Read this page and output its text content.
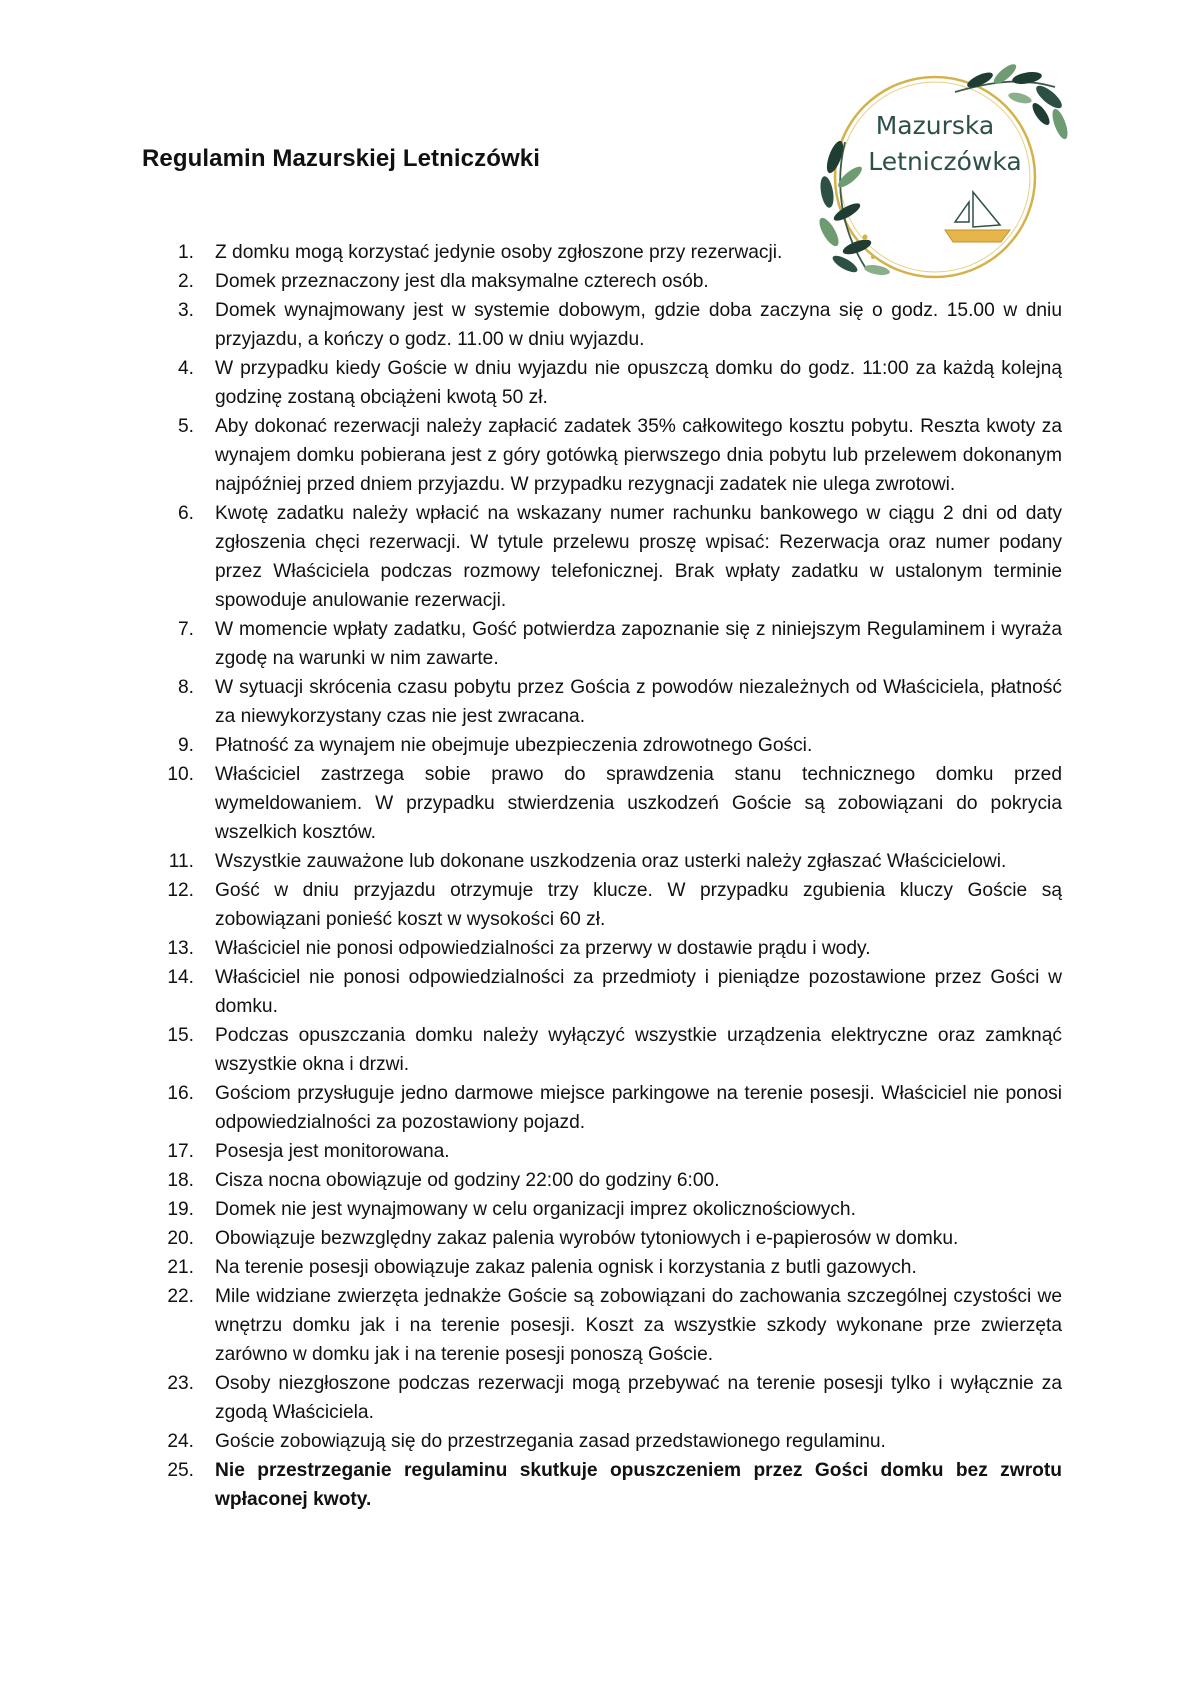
Regulamin Mazurskiej Letniczówki
Mazurska
Letniczówka
1. Z domku mogą korzystać jedynie osoby zgłoszone przy rezerwacji.
2. Domek przeznaczony jest dla maksymalne czterech osób.
3. Domek wynajmowany jest w systemie dobowym, gdzie doba zaczyna się o godz. 15.00 w dniu przyjazdu, a kończy o godz. 11.00 w dniu wyjazdu.
4. W przypadku kiedy Goście w dniu wyjazdu nie opuszczą domku do godz. 11:00 za każdą kolejną godzinę zostaną obciążeni kwotą 50 zł.
5. Aby dokonać rezerwacji należy zapłacić zadatek 35% całkowitego kosztu pobytu. Reszta kwoty za wynajem domku pobierana jest z góry gotówką pierwszego dnia pobytu lub przelewem dokonanym najpóźniej przed dniem przyjazdu. W przypadku rezygnacji zadatek nie ulega zwrotowi.
6. Kwotę zadatku należy wpłacić na wskazany numer rachunku bankowego w ciągu 2 dni od daty zgłoszenia chęci rezerwacji. W tytule przelewu proszę wpisać: Rezerwacja oraz numer podany przez Właściciela podczas rozmowy telefonicznej. Brak wpłaty zadatku w ustalonym terminie spowoduje anulowanie rezerwacji.
7. W momencie wpłaty zadatku, Gość potwierdza zapoznanie się z niniejszym Regulaminem i wyraża zgodę na warunki w nim zawarte.
8. W sytuacji skrócenia czasu pobytu przez Gościa z powodów niezależnych od Właściciela, płatność za niewykorzystany czas nie jest zwracana.
9. Płatność za wynajem nie obejmuje ubezpieczenia zdrowotnego Gości.
10. Właściciel zastrzega sobie prawo do sprawdzenia stanu technicznego domku przed wymeldowaniem. W przypadku stwierdzenia uszkodzeń Goście są zobowiązani do pokrycia wszelkich kosztów.
11. Wszystkie zauważone lub dokonane uszkodzenia oraz usterki należy zgłaszać Właścicielowi.
12. Gość w dniu przyjazdu otrzymuje trzy klucze. W przypadku zgubienia kluczy Goście są zobowiązani ponieść koszt w wysokości 60 zł.
13. Właściciel nie ponosi odpowiedzialności za przerwy w dostawie prądu i wody.
14. Właściciel nie ponosi odpowiedzialności za przedmioty i pieniądze pozostawione przez Gości w domku.
15. Podczas opuszczania domku należy wyłączyć wszystkie urządzenia elektryczne oraz zamknąć wszystkie okna i drzwi.
16. Gościom przysługuje jedno darmowe miejsce parkingowe na terenie posesji. Właściciel nie ponosi odpowiedzialności za pozostawiony pojazd.
17. Posesja jest monitorowana.
18. Cisza nocna obowiązuje od godziny 22:00 do godziny 6:00.
19. Domek nie jest wynajmowany w celu organizacji imprez okolicznościowych.
20. Obowiązuje bezwzględny zakaz palenia wyrobów tytoniowych i e-papierosów w domku.
21. Na terenie posesji obowiązuje zakaz palenia ognisk i korzystania z butli gazowych.
22. Mile widziane zwierzęta jednakże Goście są zobowiązani do zachowania szczególnej czystości we wnętrzu domku jak i na terenie posesji. Koszt za wszystkie szkody wykonane prze zwierzęta zarówno w domku jak i na terenie posesji ponoszą Goście.
23. Osoby niezgłoszone podczas rezerwacji mogą przebywać na terenie posesji tylko i wyłącznie za zgodą Właściciela.
24. Goście zobowiązują się do przestrzegania zasad przedstawionego regulaminu.
25. Nie przestrzeganie regulaminu skutkuje opuszczeniem przez Gości domku bez zwrotu wpłaconej kwoty.
